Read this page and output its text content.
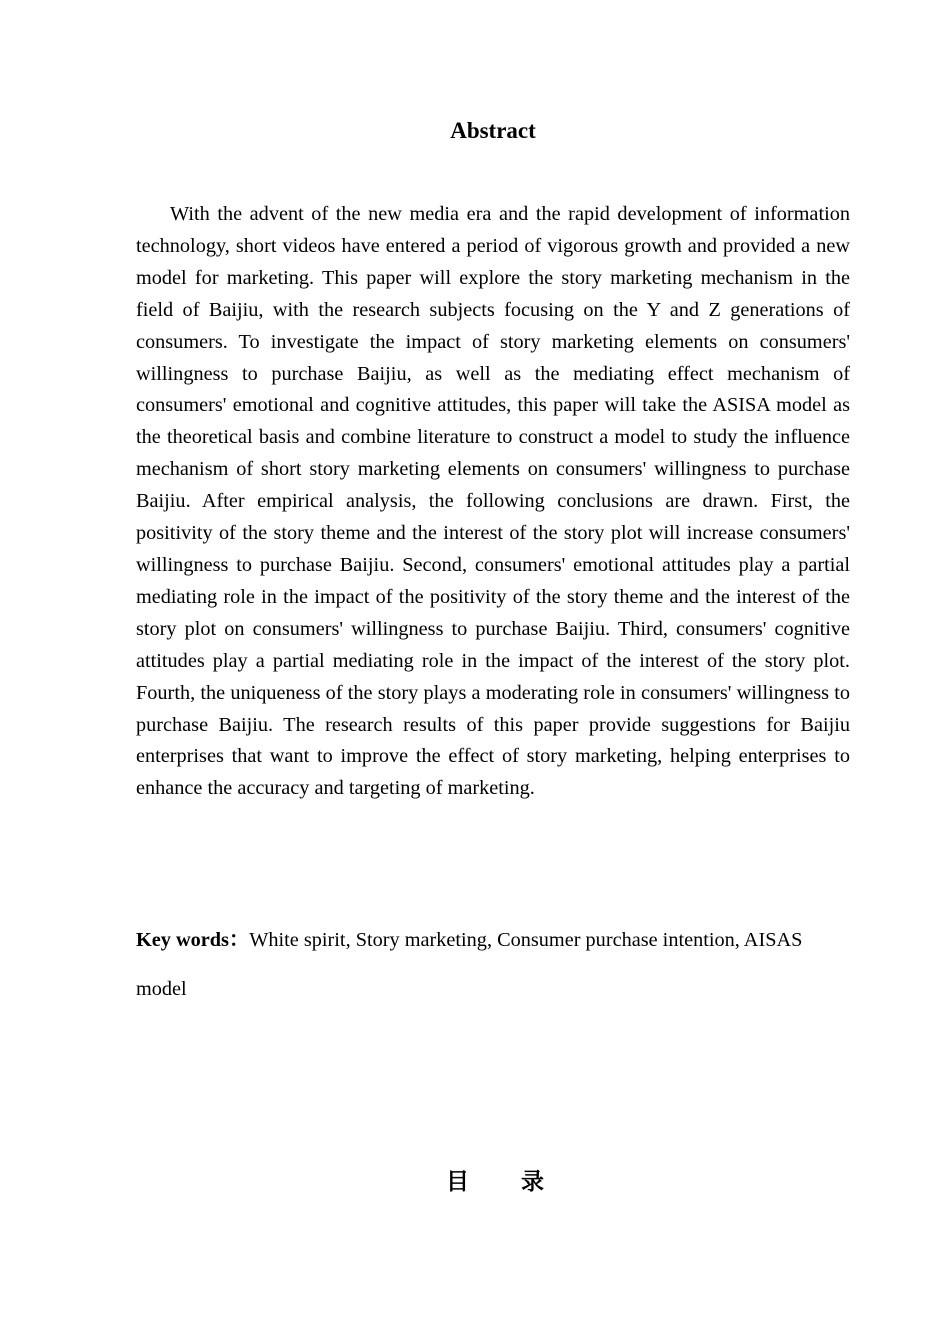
Abstract

With the advent of the new media era and the rapid development of information technology, short videos have entered a period of vigorous growth and provided a new model for marketing. This paper will explore the story marketing mechanism in the field of Baijiu, with the research subjects focusing on the Y and Z generations of consumers. To investigate the impact of story marketing elements on consumers' willingness to purchase Baijiu, as well as the mediating effect mechanism of consumers' emotional and cognitive attitudes, this paper will take the ASISA model as the theoretical basis and combine literature to construct a model to study the influence mechanism of short story marketing elements on consumers' willingness to purchase Baijiu. After empirical analysis, the following conclusions are drawn. First, the positivity of the story theme and the interest of the story plot will increase consumers' willingness to purchase Baijiu. Second, consumers' emotional attitudes play a partial mediating role in the impact of the positivity of the story theme and the interest of the story plot on consumers' willingness to purchase Baijiu. Third, consumers' cognitive attitudes play a partial mediating role in the impact of the interest of the story plot. Fourth, the uniqueness of the story plays a moderating role in consumers' willingness to purchase Baijiu. The research results of this paper provide suggestions for Baijiu enterprises that want to improve the effect of story marketing, helping enterprises to enhance the accuracy and targeting of marketing.

Key words：White spirit, Story marketing, Consumer purchase intention, AISAS model

目录
